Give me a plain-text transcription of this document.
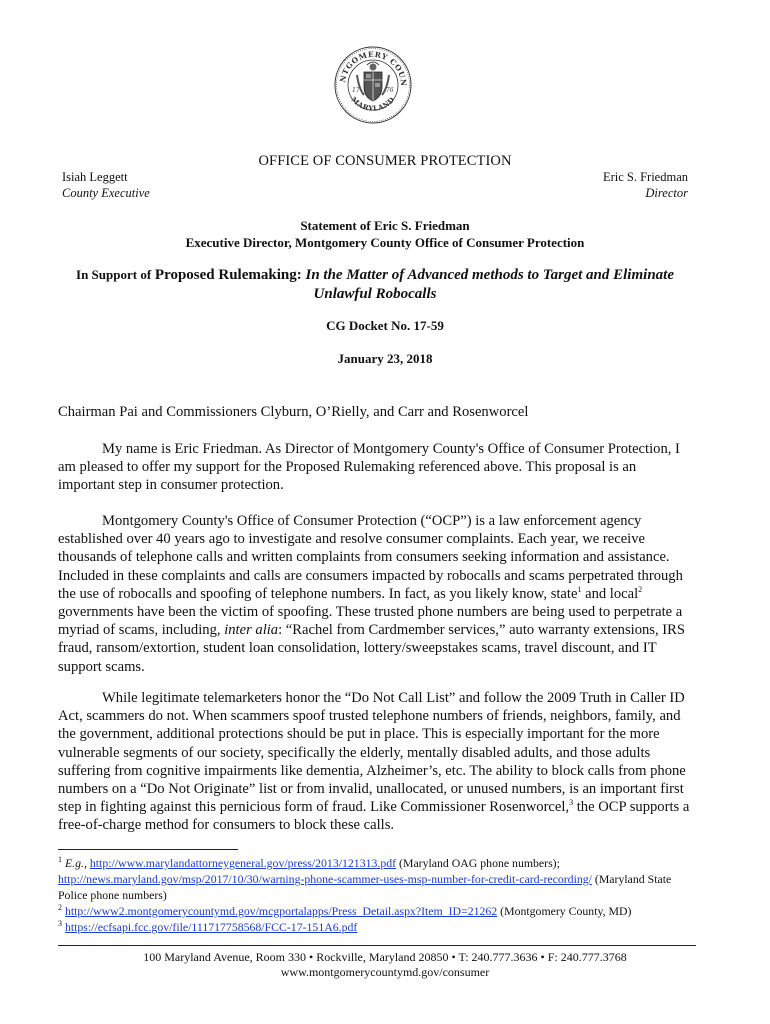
NTGOMERY COUN
MARYLAND
17	76
OFFICE OF CONSUMER PROTECTION
Isiah Leggett
County Executive
Eric S. Friedman
Director
Statement of Eric S. Friedman
Executive Director, Montgomery County Office of Consumer Protection
In Support of Proposed Rulemaking: In the Matter of Advanced methods to Target and Eliminate Unlawful Robocalls
CG Docket No. 17-59
January 23, 2018
Chairman Pai and Commissioners Clyburn, O’Rielly, and Carr and Rosenworcel
My name is Eric Friedman. As Director of Montgomery County's Office of Consumer Protection, I am pleased to offer my support for the Proposed Rulemaking referenced above. This proposal is an important step in consumer protection.
Montgomery County's Office of Consumer Protection (“OCP”) is a law enforcement agency established over 40 years ago to investigate and resolve consumer complaints. Each year, we receive thousands of telephone calls and written complaints from consumers seeking information and assistance. Included in these complaints and calls are consumers impacted by robocalls and scams perpetrated through the use of robocalls and spoofing of telephone numbers. In fact, as you likely know, state$^1$ and local$^2$ governments have been the victim of spoofing. These trusted phone numbers are being used to perpetrate a myriad of scams, including, inter alia: “Rachel from Cardmember services,” auto warranty extensions, IRS fraud, ransom/extortion, student loan consolidation, lottery/sweepstakes scams, travel discount, and IT support scams.
While legitimate telemarketers honor the “Do Not Call List” and follow the 2009 Truth in Caller ID Act, scammers do not. When scammers spoof trusted telephone numbers of friends, neighbors, family, and the government, additional protections should be put in place. This is especially important for the more vulnerable segments of our society, specifically the elderly, mentally disabled adults, and those adults suffering from cognitive impairments like dementia, Alzheimer’s, etc. The ability to block calls from phone numbers on a “Do Not Originate” list or from invalid, unallocated, or unused numbers, is an important first step in fighting against this pernicious form of fraud. Like Commissioner Rosenworcel,$^3$ the OCP supports a free-of-charge method for consumers to block these calls.

$^1$ E.g., http://www.marylandattorneygeneral.gov/press/2013/121313.pdf (Maryland OAG phone numbers); http://news.maryland.gov/msp/2017/10/30/warning-phone-scammer-uses-msp-number-for-credit-card-recording/ (Maryland State Police phone numbers)

$^2$ http://www2.montgomerycountymd.gov/mcgportalapps/Press_Detail.aspx?Item_ID=21262 (Montgomery County, MD)

$^3$ https://ecfsapi.fcc.gov/file/111717758568/FCC-17-151A6.pdf

100 Maryland Avenue, Room 330 • Rockville, Maryland 20850 • T: 240.777.3636 • F: 240.777.3768
www.montgomerycountymd.gov/consumer
